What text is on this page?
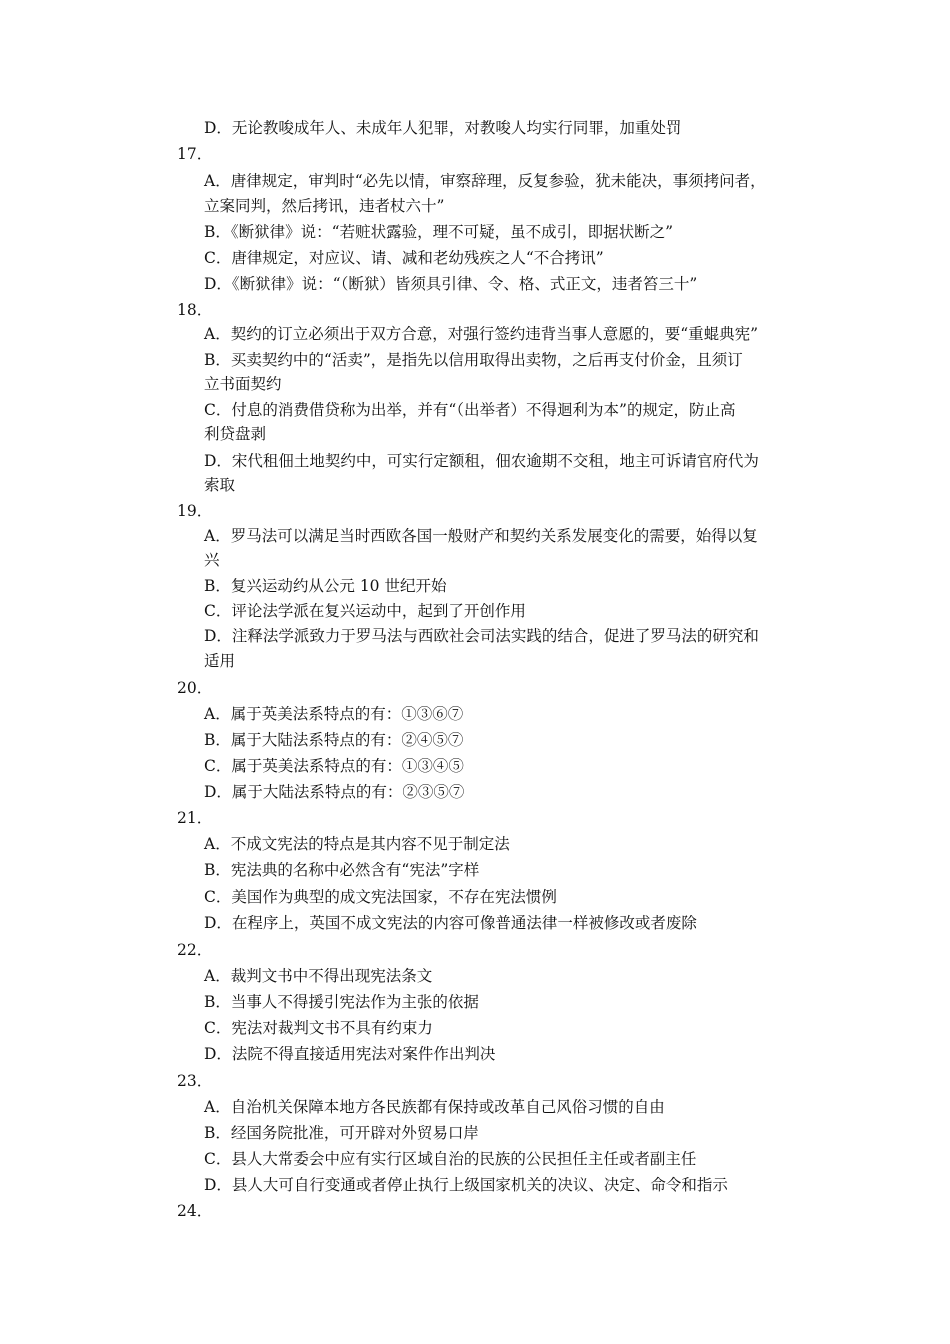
D．无论教唆成年人、未成年人犯罪，对教唆人均实行同罪，加重处罚
17．
A．唐律规定，审判时“必先以情，审察辞理，反复参验，犹未能决，事须拷问者，
立案同判，然后拷讯，违者杖六十”
B．《断狱律》说：“若赃状露验，理不可疑，虽不成引，即据状断之”
C．唐律规定，对应议、请、减和老幼残疾之人“不合拷讯”
D．《断狱律》说：“（断狱）皆须具引律、令、格、式正文，违者笞三十”
18．
A．契约的订立必须出于双方合意，对强行签约违背当事人意愿的，要“重蜫典宪”
B．买卖契约中的“活卖”，是指先以信用取得出卖物，之后再支付价金，且须订
立书面契约
C．付息的消费借贷称为出举，并有“（出举者）不得迴利为本”的规定，防止高
利贷盘剥
D．宋代租佃土地契约中，可实行定额租，佃农逾期不交租，地主可诉请官府代为
索取
19．
A．罗马法可以满足当时西欧各国一般财产和契约关系发展变化的需要，始得以复
兴
B．复兴运动约从公元 10 世纪开始
C．评论法学派在复兴运动中，起到了开创作用
D．注释法学派致力于罗马法与西欧社会司法实践的结合，促进了罗马法的研究和
适用
20．
A．属于英美法系特点的有：①③⑥⑦
B．属于大陆法系特点的有：②④⑤⑦
C．属于英美法系特点的有：①③④⑤
D．属于大陆法系特点的有：②③⑤⑦
21．
A．不成文宪法的特点是其内容不见于制定法
B．宪法典的名称中必然含有“宪法”字样
C．美国作为典型的成文宪法国家，不存在宪法惯例
D．在程序上，英国不成文宪法的内容可像普通法律一样被修改或者废除
22．
A．裁判文书中不得出现宪法条文
B．当事人不得援引宪法作为主张的依据
C．宪法对裁判文书不具有约束力
D．法院不得直接适用宪法对案件作出判决
23．
A．自治机关保障本地方各民族都有保持或改革自己风俗习惯的自由
B．经国务院批准，可开辟对外贸易口岸
C．县人大常委会中应有实行区域自治的民族的公民担任主任或者副主任
D．县人大可自行变通或者停止执行上级国家机关的决议、决定、命令和指示
24．
